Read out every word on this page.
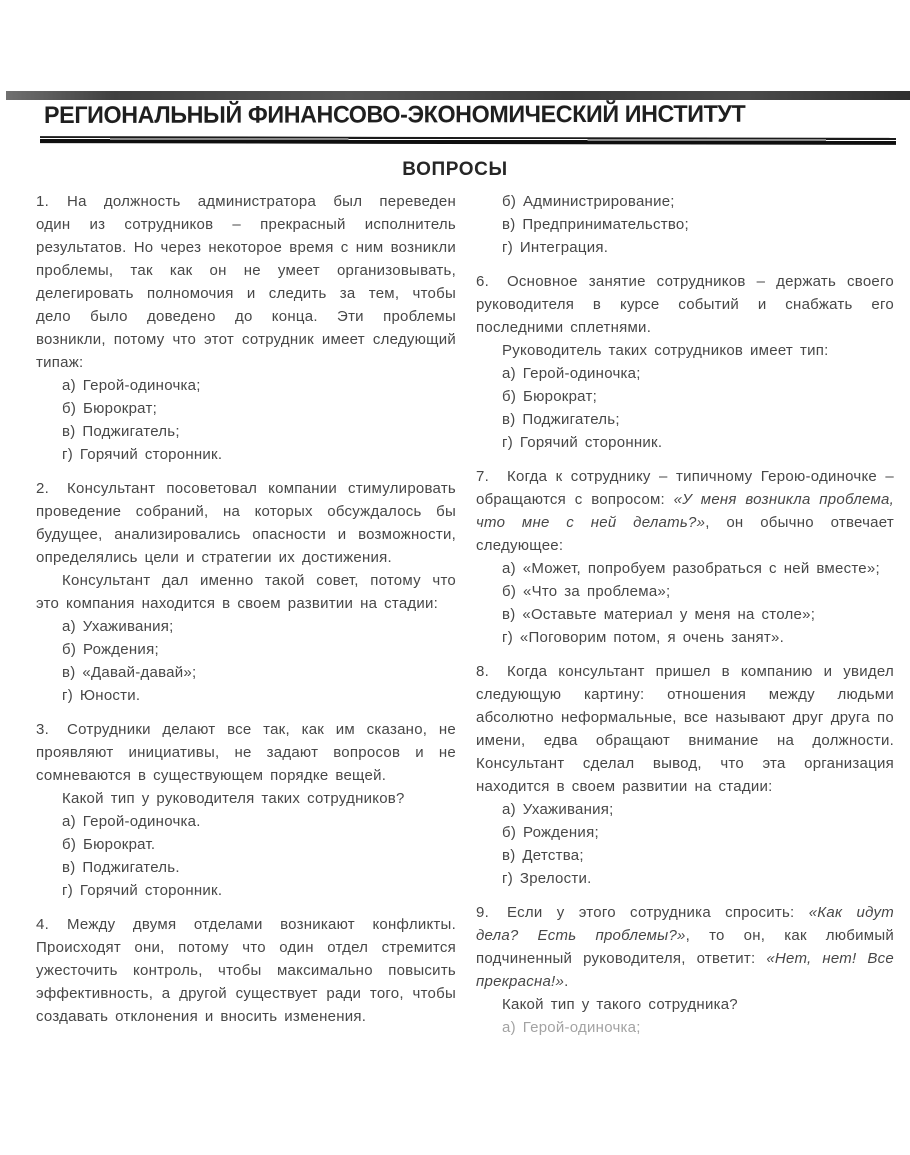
РЕГИОНАЛЬНЫЙ ФИНАНСОВО-ЭКОНОМИЧЕСКИЙ ИНСТИТУТ
ВОПРОСЫ

1. На должность администратора был переведен один из сотрудников – прекрасный исполнитель результатов. Но через некоторое время с ним возникли проблемы, так как он не умеет организовывать, делегировать полномочия и следить за тем, чтобы дело было доведено до конца. Эти проблемы возникли, потому что этот сотрудник имеет следующий типаж:

а) Герой-одиночка;

б) Бюрократ;

в) Поджигатель;

г) Горячий сторонник.

2. Консультант посоветовал компании стимулировать проведение собраний, на которых обсуждалось бы будущее, анализировались опасности и возможности, определялись цели и стратегии их достижения.

Консультант дал именно такой совет, потому что это компания находится в своем развитии на стадии:

а) Ухаживания;

б) Рождения;

в) «Давай-давай»;

г) Юности.

3. Сотрудники делают все так, как им сказано, не проявляют инициативы, не задают вопросов и не сомневаются в существующем порядке вещей.

Какой тип у руководителя таких сотрудников?

а) Герой-одиночка.

б) Бюрократ.

в) Поджигатель.

г) Горячий сторонник.

4. Между двумя отделами возникают конфликты. Происходят они, потому что один отдел стремится ужесточить контроль, чтобы максимально повысить эффективность, а другой существует ради того, чтобы создавать отклонения и вносить изменения.

б) Администрирование;

в) Предпринимательство;

г) Интеграция.

6. Основное занятие сотрудников – держать своего руководителя в курсе событий и снабжать его последними сплетнями.

Руководитель таких сотрудников имеет тип:

а) Герой-одиночка;

б) Бюрократ;

в) Поджигатель;

г) Горячий сторонник.

7. Когда к сотруднику – типичному Герою-одиночке – обращаются с вопросом: «У меня возникла проблема, что мне с ней делать?», он обычно отвечает следующее:

а) «Может, попробуем разобраться с ней вместе»;

б) «Что за проблема»;

в) «Оставьте материал у меня на столе»;

г) «Поговорим потом, я очень занят».

8. Когда консультант пришел в компанию и увидел следующую картину: отношения между людьми абсолютно неформальные, все называют друг друга по имени, едва обращают внимание на должности. Консультант сделал вывод, что эта организация находится в своем развитии на стадии:

а) Ухаживания;

б) Рождения;

в) Детства;

г) Зрелости.

9. Если у этого сотрудника спросить: «Как идут дела? Есть проблемы?», то он, как любимый подчиненный руководителя, ответит: «Нет, нет! Все прекрасна!».

Какой тип у такого сотрудника?

а) Герой-одиночка;
